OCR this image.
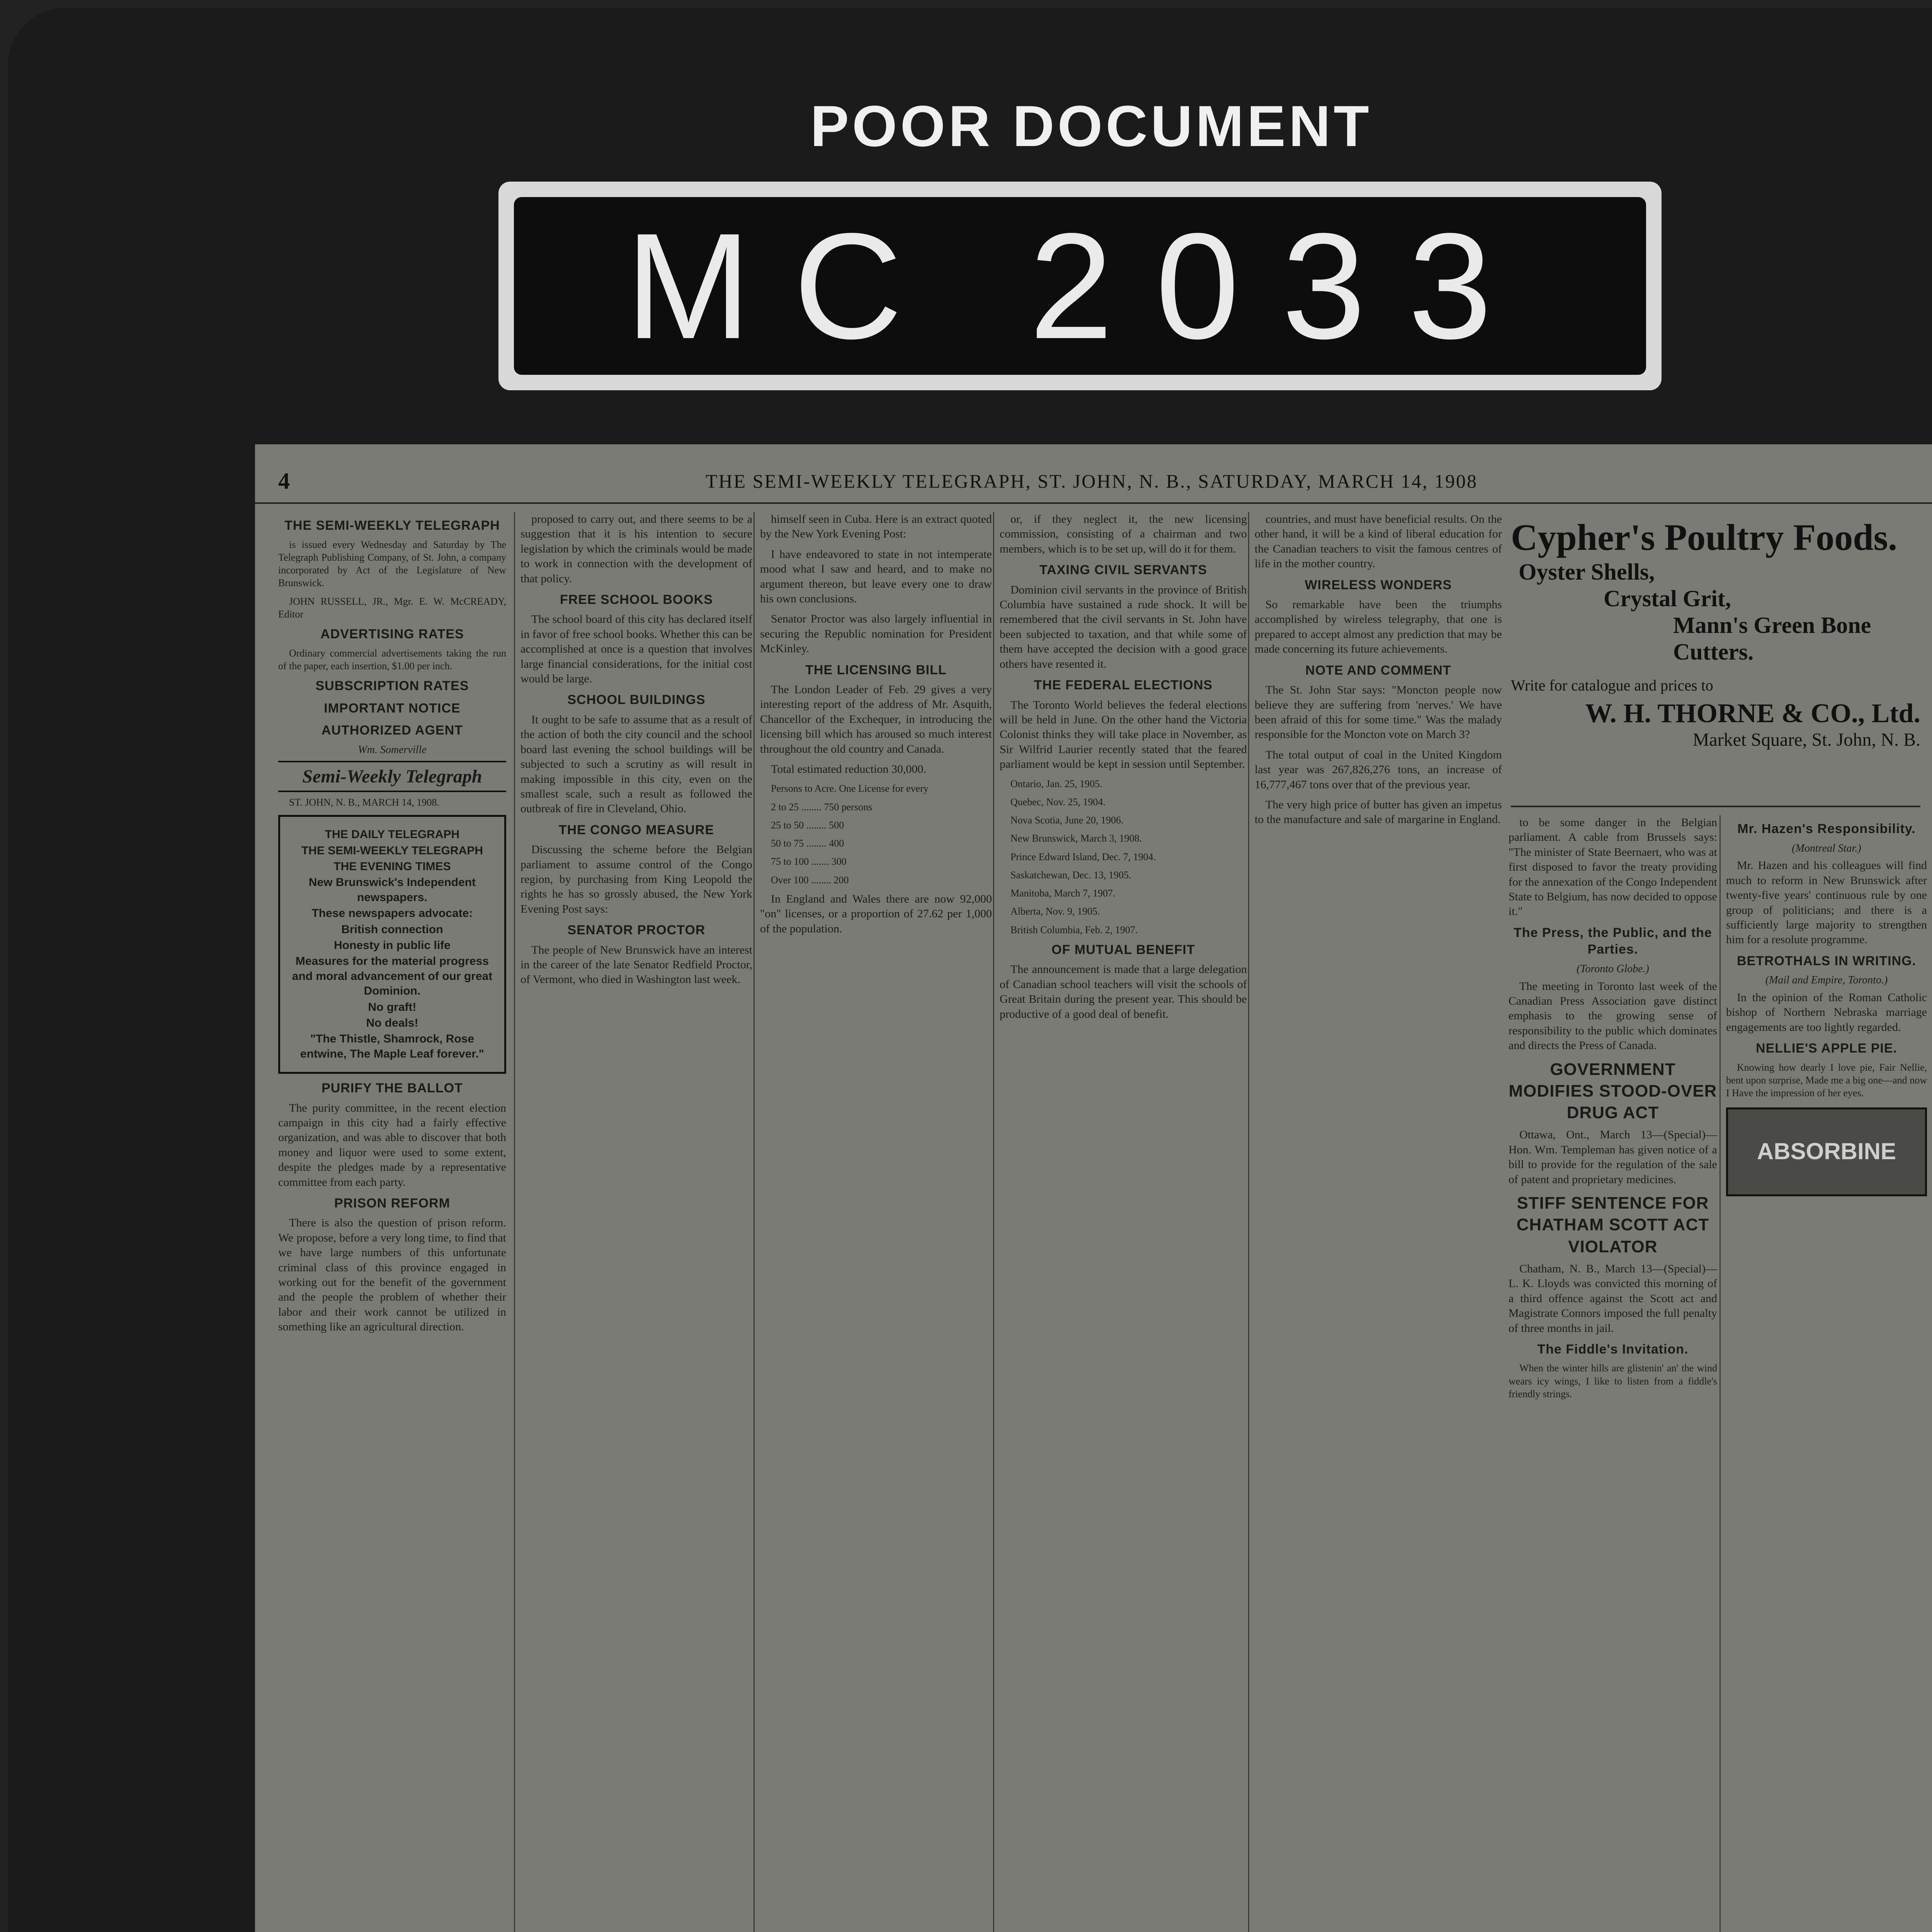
POOR DOCUMENT
MC 2033
4	THE SEMI-WEEKLY TELEGRAPH, ST. JOHN, N. B., SATURDAY, MARCH 14, 1908
THE SEMI-WEEKLY TELEGRAPH

is issued every Wednesday and Saturday by The Telegraph Publishing Company, of St. John, a company incorporated by Act of the Legislature of New Brunswick.

JOHN RUSSELL, JR., Mgr. E. W. McCREADY, Editor

ADVERTISING RATES

Ordinary commercial advertisements taking the run of the paper, each insertion, $1.00 per inch.

SUBSCRIPTION RATES
IMPORTANT NOTICE
AUTHORIZED AGENT
Wm. Somerville
Semi-Weekly Telegraph

ST. JOHN, N. B., MARCH 14, 1908.

THE DAILY TELEGRAPH
THE SEMI-WEEKLY TELEGRAPH
THE EVENING TIMES
New Brunswick's Independent newspapers.
These newspapers advocate:
British connection
Honesty in public life
Measures for the material progress and moral advancement of our great Dominion.
No graft!
No deals!
"The Thistle, Shamrock, Rose entwine, The Maple Leaf forever."
PURIFY THE BALLOT

The purity committee, in the recent election campaign in this city had a fairly effective organization, and was able to discover that both money and liquor were used to some extent, despite the pledges made by a representative committee from each party.

PRISON REFORM

There is also the question of prison reform. We propose, before a very long time, to find that we have large numbers of this unfortunate criminal class of this province engaged in working out for the benefit of the government and the people the problem of whether their labor and their work cannot be utilized in something like an agricultural direction.

proposed to carry out, and there seems to be a suggestion that it is his intention to secure legislation by which the criminals would be made to work in connection with the development of that policy.

FREE SCHOOL BOOKS

The school board of this city has declared itself in favor of free school books. Whether this can be accomplished at once is a question that involves large financial considerations, for the initial cost would be large.

SCHOOL BUILDINGS

It ought to be safe to assume that as a result of the action of both the city council and the school board last evening the school buildings will be subjected to such a scrutiny as will result in making impossible in this city, even on the smallest scale, such a result as followed the outbreak of fire in Cleveland, Ohio.

THE CONGO MEASURE

Discussing the scheme before the Belgian parliament to assume control of the Congo region, by purchasing from King Leopold the rights he has so grossly abused, the New York Evening Post says:

SENATOR PROCTOR

The people of New Brunswick have an interest in the career of the late Senator Redfield Proctor, of Vermont, who died in Washington last week.

himself seen in Cuba. Here is an extract quoted by the New York Evening Post:

I have endeavored to state in not intemperate mood what I saw and heard, and to make no argument thereon, but leave every one to draw his own conclusions.

Senator Proctor was also largely influential in securing the Republic nomination for President McKinley.

THE LICENSING BILL

The London Leader of Feb. 29 gives a very interesting report of the address of Mr. Asquith, Chancellor of the Exchequer, in introducing the licensing bill which has aroused so much interest throughout the old country and Canada.

Total estimated reduction 30,000.

Persons to Acre. One License for every

2 to 25 ........ 750 persons

25 to 50 ........ 500

50 to 75 ........ 400

75 to 100 ....... 300

Over 100 ........ 200

In England and Wales there are now 92,000 "on" licenses, or a proportion of 27.62 per 1,000 of the population.

or, if they neglect it, the new licensing commission, consisting of a chairman and two members, which is to be set up, will do it for them.

TAXING CIVIL SERVANTS

Dominion civil servants in the province of British Columbia have sustained a rude shock. It will be remembered that the civil servants in St. John have been subjected to taxation, and that while some of them have accepted the decision with a good grace others have resented it.

THE FEDERAL ELECTIONS

The Toronto World believes the federal elections will be held in June. On the other hand the Victoria Colonist thinks they will take place in November, as Sir Wilfrid Laurier recently stated that the feared parliament would be kept in session until September.

Ontario, Jan. 25, 1905.

Quebec, Nov. 25, 1904.

Nova Scotia, June 20, 1906.

New Brunswick, March 3, 1908.

Prince Edward Island, Dec. 7, 1904.

Saskatchewan, Dec. 13, 1905.

Manitoba, March 7, 1907.

Alberta, Nov. 9, 1905.

British Columbia, Feb. 2, 1907.

OF MUTUAL BENEFIT

The announcement is made that a large delegation of Canadian school teachers will visit the schools of Great Britain during the present year. This should be productive of a good deal of benefit.

countries, and must have beneficial results. On the other hand, it will be a kind of liberal education for the Canadian teachers to visit the famous centres of life in the mother country.

WIRELESS WONDERS

So remarkable have been the triumphs accomplished by wireless telegraphy, that one is prepared to accept almost any prediction that may be made concerning its future achievements.

NOTE AND COMMENT

The St. John Star says: "Moncton people now believe they are suffering from 'nerves.' We have been afraid of this for some time." Was the malady responsible for the Moncton vote on March 3?

The total output of coal in the United Kingdom last year was 267,826,276 tons, an increase of 16,777,467 tons over that of the previous year.

The very high price of butter has given an impetus to the manufacture and sale of margarine in England.

Cypher's Poultry Foods.
Oyster Shells,
Crystal Grit,
Mann's Green Bone Cutters.
Write for catalogue and prices to
W. H. THORNE & CO., Ltd.
Market Square, St. John, N. B.

to be some danger in the Belgian parliament. A cable from Brussels says: "The minister of State Beernaert, who was at first disposed to favor the treaty providing for the annexation of the Congo Independent State to Belgium, has now decided to oppose it."

The Press, the Public, and the Parties.
(Toronto Globe.)

The meeting in Toronto last week of the Canadian Press Association gave distinct emphasis to the growing sense of responsibility to the public which dominates and directs the Press of Canada.

GOVERNMENT MODIFIES STOOD-OVER DRUG ACT

Ottawa, Ont., March 13—(Special)—Hon. Wm. Templeman has given notice of a bill to provide for the regulation of the sale of patent and proprietary medicines.

STIFF SENTENCE FOR CHATHAM SCOTT ACT VIOLATOR

Chatham, N. B., March 13—(Special)—L. K. Lloyds was convicted this morning of a third offence against the Scott act and Magistrate Connors imposed the full penalty of three months in jail.

The Fiddle's Invitation.

When the winter hills are glistenin' an' the wind wears icy wings, I like to listen from a fiddle's friendly strings.

Mr. Hazen's Responsibility.
(Montreal Star.)

Mr. Hazen and his colleagues will find much to reform in New Brunswick after twenty-five years' continuous rule by one group of politicians; and there is a sufficiently large majority to strengthen him for a resolute programme.

BETROTHALS IN WRITING.
(Mail and Empire, Toronto.)

In the opinion of the Roman Catholic bishop of Northern Nebraska marriage engagements are too lightly regarded.

NELLIE'S APPLE PIE.

Knowing how dearly I love pie, Fair Nellie, bent upon surprise, Made me a big one—and now I Have the impression of her eyes.

ABSORBINE
